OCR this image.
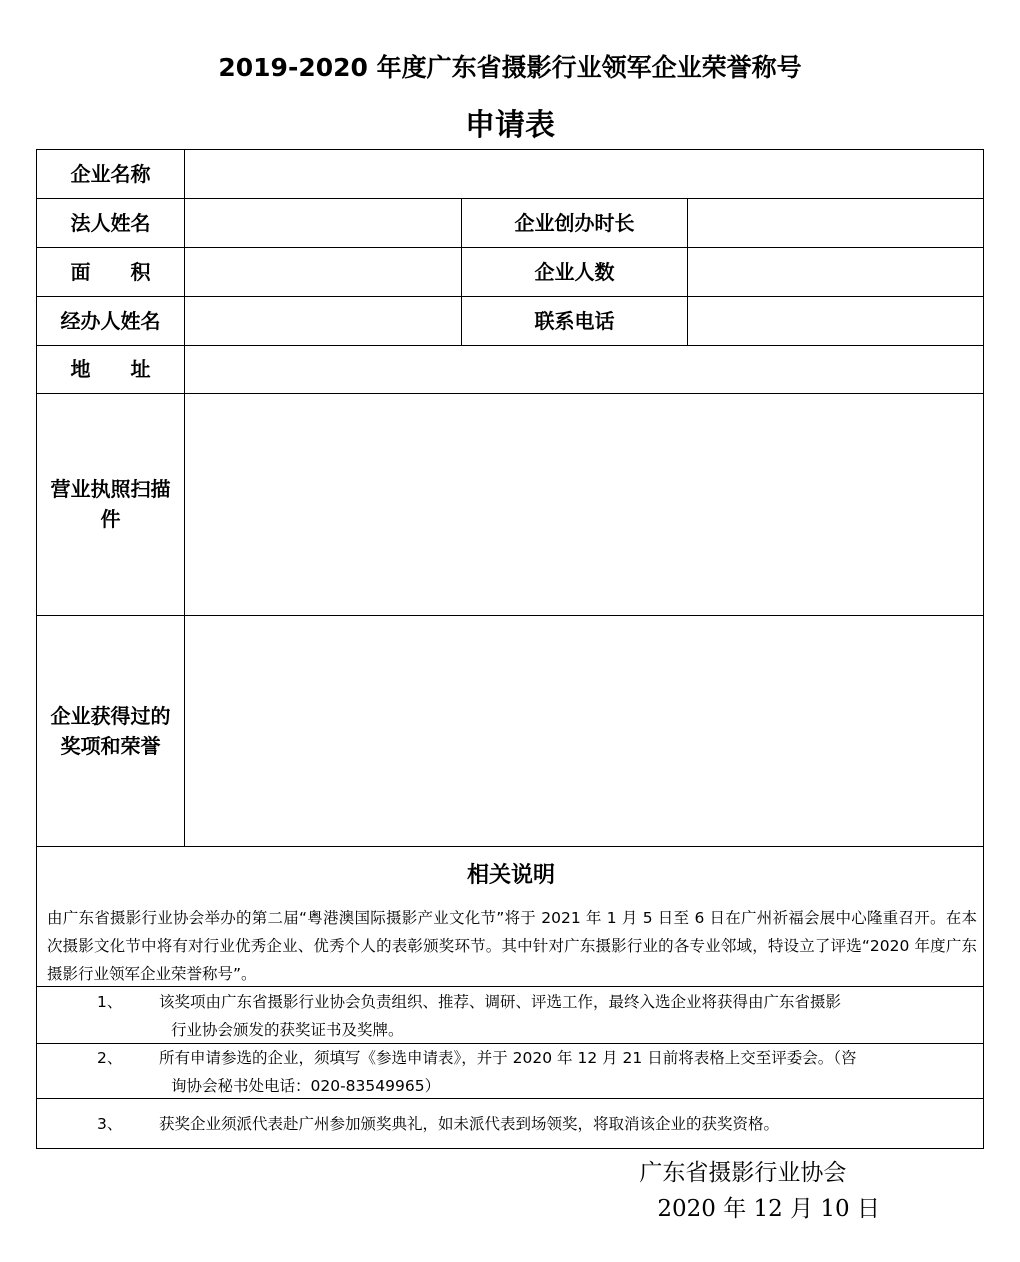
2019-2020 年度广东省摄影行业领军企业荣誉称号
申请表
企业名称
法人姓名	企业创办时长
面　　积	企业人数
经办人姓名	联系电话
地　　址
营业执照扫描件
企业获得过的奖项和荣誉
相关说明
由广东省摄影行业协会举办的第二届“粤港澳国际摄影产业文化节”将于 2021 年 1 月 5 日至 6 日在广州祈福会展中心隆重召开。在本次摄影文化节中将有对行业优秀企业、优秀个人的表彰颁奖环节。其中针对广东摄影行业的各专业邻域，特设立了评选“2020 年度广东摄影行业领军企业荣誉称号”。
1、 该奖项由广东省摄影行业协会负责组织、推荐、调研、评选工作，最终入选企业将获得由广东省摄影
行业协会颁发的获奖证书及奖牌。
2、 所有申请参选的企业，须填写《参选申请表》，并于 2020 年 12 月 21 日前将表格上交至评委会。（咨
询协会秘书处电话：020-83549965）
3、 获奖企业须派代表赴广州参加颁奖典礼，如未派代表到场领奖，将取消该企业的获奖资格。
广东省摄影行业协会
2020 年 12 月 10 日
